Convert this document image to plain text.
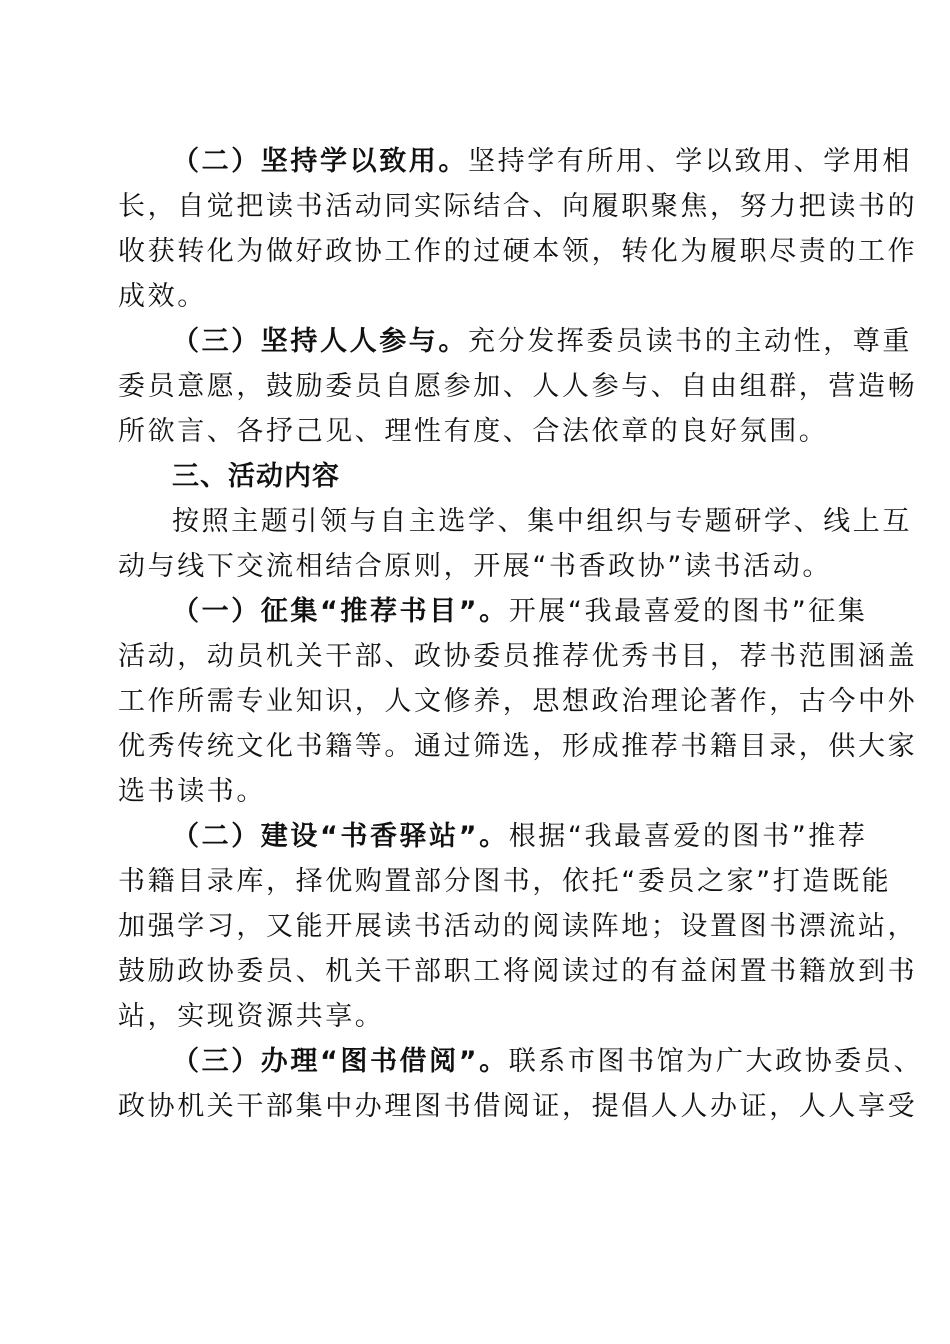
（二）坚持学以致用。坚持学有所用、学以致用、学用相
长，自觉把读书活动同实际结合、向履职聚焦，努力把读书的
收获转化为做好政协工作的过硬本领，转化为履职尽责的工作
成效。
（三）坚持人人参与。充分发挥委员读书的主动性，尊重
委员意愿，鼓励委员自愿参加、人人参与、自由组群，营造畅
所欲言、各抒己见、理性有度、合法依章的良好氛围。
三、活动内容
按照主题引领与自主选学、集中组织与专题研学、线上互
动与线下交流相结合原则，开展“书香政协”读书活动。
（一）征集“推荐书目”。开展“我最喜爱的图书”征集
活动，动员机关干部、政协委员推荐优秀书目，荐书范围涵盖
工作所需专业知识，人文修养，思想政治理论著作，古今中外
优秀传统文化书籍等。通过筛选，形成推荐书籍目录，供大家
选书读书。
（二）建设“书香驿站”。根据“我最喜爱的图书”推荐
书籍目录库，择优购置部分图书，依托“委员之家”打造既能
加强学习，又能开展读书活动的阅读阵地；设置图书漂流站，
鼓励政协委员、机关干部职工将阅读过的有益闲置书籍放到书
站，实现资源共享。
（三）办理“图书借阅”。联系市图书馆为广大政协委员、
政协机关干部集中办理图书借阅证，提倡人人办证，人人享受
